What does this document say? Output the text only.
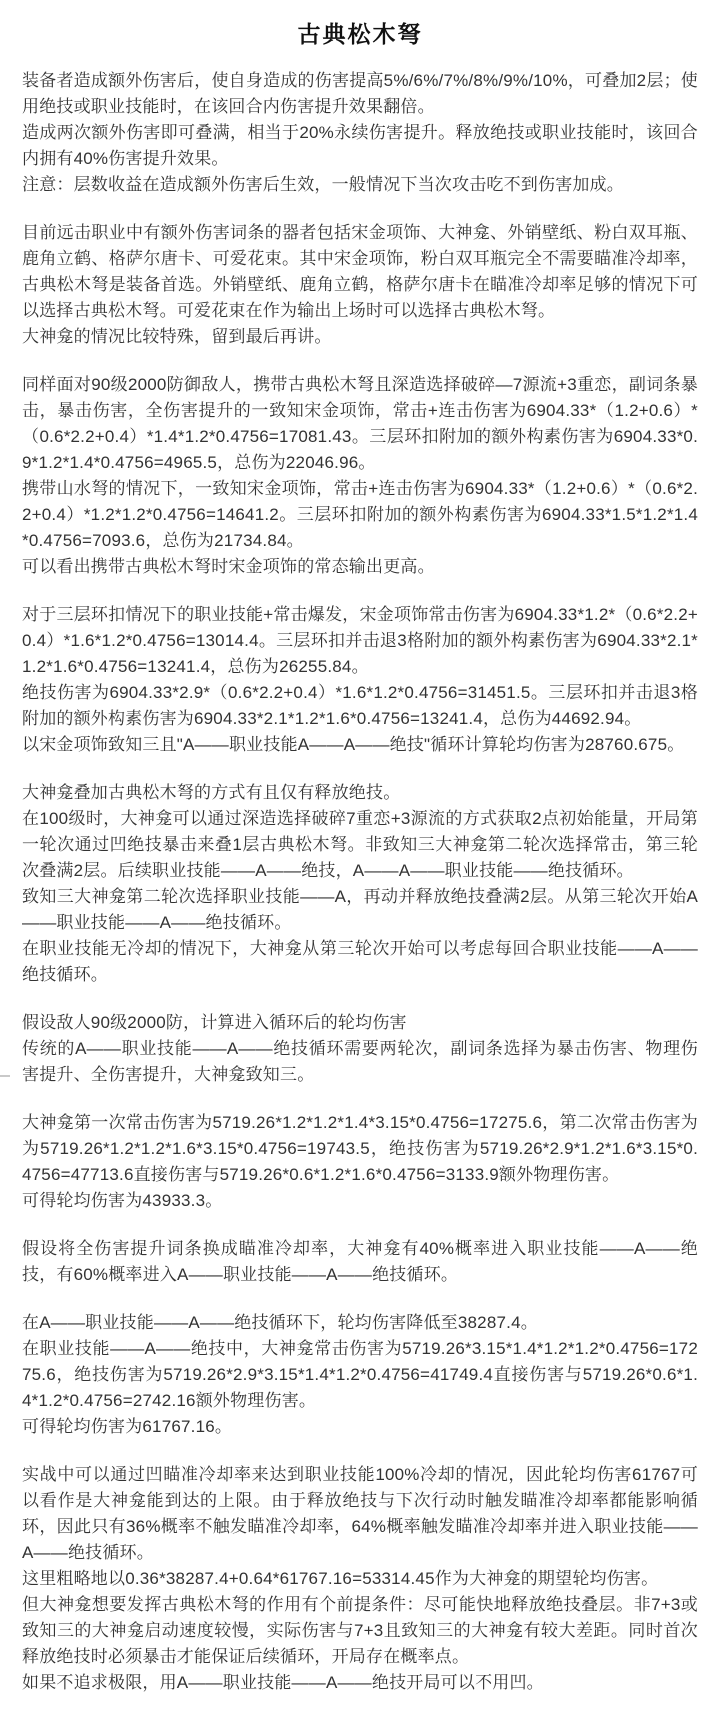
古典松木弩

装备者造成额外伤害后，使自身造成的伤害提高5%/6%/7%/8%/9%/10%，可叠加2层；使用绝技或职业技能时，在该回合内伤害提升效果翻倍。

造成两次额外伤害即可叠满，相当于20%永续伤害提升。释放绝技或职业技能时，该回合内拥有40%伤害提升效果。

注意：层数收益在造成额外伤害后生效，一般情况下当次攻击吃不到伤害加成。

目前远击职业中有额外伤害词条的器者包括宋金项饰、大神龛、外销壁纸、粉白双耳瓶、鹿角立鹤、格萨尔唐卡、可爱花束。其中宋金项饰，粉白双耳瓶完全不需要瞄准冷却率，古典松木弩是装备首选。外销壁纸、鹿角立鹤，格萨尔唐卡在瞄准冷却率足够的情况下可以选择古典松木弩。可爱花束在作为输出上场时可以选择古典松木弩。

大神龛的情况比较特殊，留到最后再讲。

同样面对90级2000防御敌人，携带古典松木弩且深造选择破碎—7源流+3重恋，副词条暴击，暴击伤害，全伤害提升的一致知宋金项饰，常击+连击伤害为6904.33*（1.2+0.6）*（0.6*2.2+0.4）*1.4*1.2*0.4756=17081.43。三层环扣附加的额外构素伤害为6904.33*0.9*1.2*1.4*0.4756=4965.5，总伤为22046.96。

携带山水弩的情况下，一致知宋金项饰，常击+连击伤害为6904.33*（1.2+0.6）*（0.6*2.2+0.4）*1.2*1.2*0.4756=14641.2。三层环扣附加的额外构素伤害为6904.33*1.5*1.2*1.4*0.4756=7093.6，总伤为21734.84。

可以看出携带古典松木弩时宋金项饰的常态输出更高。

对于三层环扣情况下的职业技能+常击爆发，宋金项饰常击伤害为6904.33*1.2*（0.6*2.2+0.4）*1.6*1.2*0.4756=13014.4。三层环扣并击退3格附加的额外构素伤害为6904.33*2.1*1.2*1.6*0.4756=13241.4，总伤为26255.84。

绝技伤害为6904.33*2.9*（0.6*2.2+0.4）*1.6*1.2*0.4756=31451.5。三层环扣并击退3格附加的额外构素伤害为6904.33*2.1*1.2*1.6*0.4756=13241.4，总伤为44692.94。

以宋金项饰致知三且"A——职业技能A——A——绝技"循环计算轮均伤害为28760.675。

大神龛叠加古典松木弩的方式有且仅有释放绝技。

在100级时，大神龛可以通过深造选择破碎7重恋+3源流的方式获取2点初始能量，开局第一轮次通过凹绝技暴击来叠1层古典松木弩。非致知三大神龛第二轮次选择常击，第三轮次叠满2层。后续职业技能——A——绝技，A——A——职业技能——绝技循环。

致知三大神龛第二轮次选择职业技能——A，再动并释放绝技叠满2层。从第三轮次开始A——职业技能——A——绝技循环。

在职业技能无冷却的情况下，大神龛从第三轮次开始可以考虑每回合职业技能——A——绝技循环。

假设敌人90级2000防，计算进入循环后的轮均伤害

传统的A——职业技能——A——绝技循环需要两轮次，副词条选择为暴击伤害、物理伤害提升、全伤害提升，大神龛致知三。

大神龛第一次常击伤害为5719.26*1.2*1.2*1.4*3.15*0.4756=17275.6，第二次常击伤害为为5719.26*1.2*1.2*1.6*3.15*0.4756=19743.5，绝技伤害为5719.26*2.9*1.2*1.6*3.15*0.4756=47713.6直接伤害与5719.26*0.6*1.2*1.6*0.4756=3133.9额外物理伤害。

可得轮均伤害为43933.3。

假设将全伤害提升词条换成瞄准冷却率，大神龛有40%概率进入职业技能——A——绝技，有60%概率进入A——职业技能——A——绝技循环。

在A——职业技能——A——绝技循环下，轮均伤害降低至38287.4。

在职业技能——A——绝技中，大神龛常击伤害为5719.26*3.15*1.4*1.2*1.2*0.4756=17275.6，绝技伤害为5719.26*2.9*3.15*1.4*1.2*0.4756=41749.4直接伤害与5719.26*0.6*1.4*1.2*0.4756=2742.16额外物理伤害。

可得轮均伤害为61767.16。

实战中可以通过凹瞄准冷却率来达到职业技能100%冷却的情况，因此轮均伤害61767可以看作是大神龛能到达的上限。由于释放绝技与下次行动时触发瞄准冷却率都能影响循环，因此只有36%概率不触发瞄准冷却率，64%概率触发瞄准冷却率并进入职业技能——A——绝技循环。

这里粗略地以0.36*38287.4+0.64*61767.16=53314.45作为大神龛的期望轮均伤害。

但大神龛想要发挥古典松木弩的作用有个前提条件：尽可能快地释放绝技叠层。非7+3或致知三的大神龛启动速度较慢，实际伤害与7+3且致知三的大神龛有较大差距。同时首次释放绝技时必须暴击才能保证后续循环，开局存在概率点。

如果不追求极限，用A——职业技能——A——绝技开局可以不用凹。
